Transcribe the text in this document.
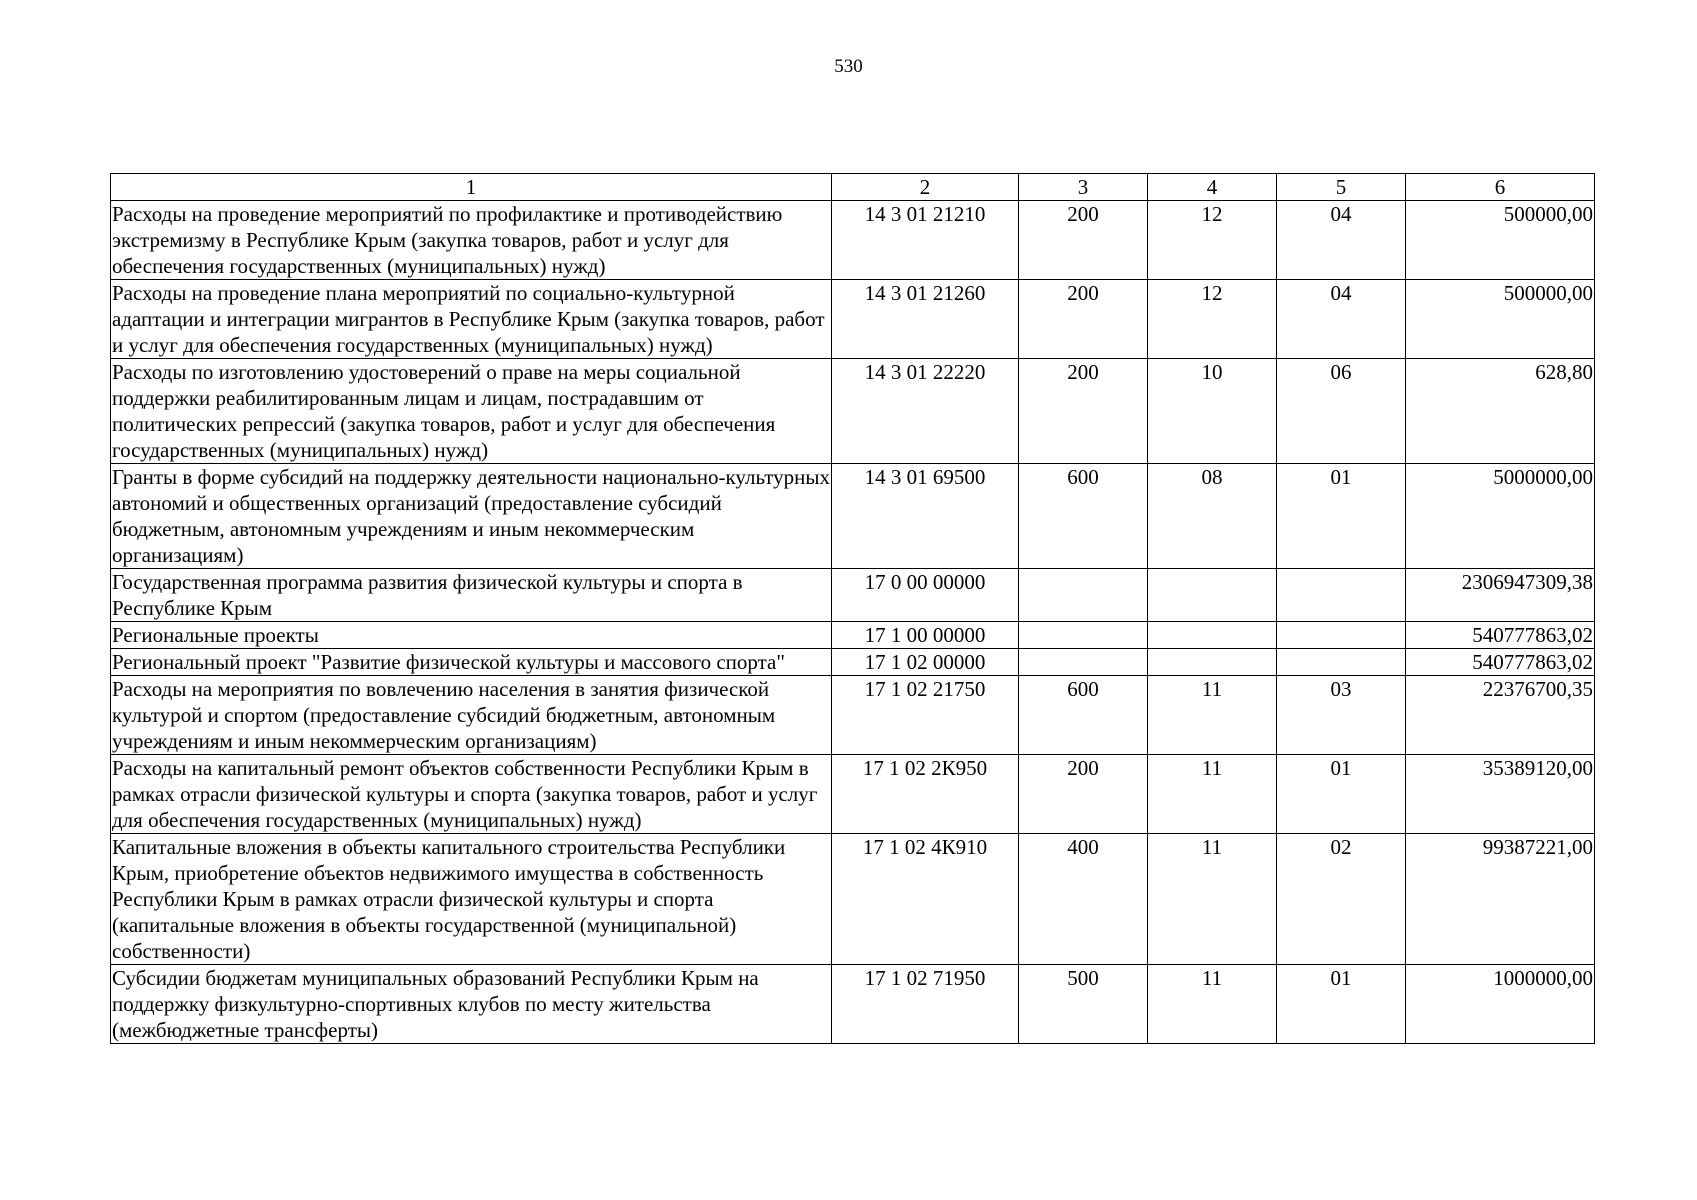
530
1	2	3	4	5	6
Расходы на проведение мероприятий по профилактике и противодействию экстремизму в Республике Крым (закупка товаров, работ и услуг для обеспечения государственных (муниципальных) нужд)	14 3 01 21210	200	12	04	500000,00
Расходы на проведение плана мероприятий по социально-культурной адаптации и интеграции мигрантов в Республике Крым (закупка товаров, работ и услуг для обеспечения государственных (муниципальных) нужд)	14 3 01 21260	200	12	04	500000,00
Расходы по изготовлению удостоверений о праве на меры социальной поддержки реабилитированным лицам и лицам, пострадавшим от политических репрессий (закупка товаров, работ и услуг для обеспечения государственных (муниципальных) нужд)	14 3 01 22220	200	10	06	628,80
Гранты в форме субсидий на поддержку деятельности национально-культурных автономий и общественных организаций (предоставление субсидий бюджетным, автономным учреждениям и иным некоммерческим организациям)	14 3 01 69500	600	08	01	5000000,00
Государственная программа развития физической культуры и спорта в Республике Крым	17 0 00 00000				2306947309,38
Региональные проекты	17 1 00 00000				540777863,02
Региональный проект "Развитие физической культуры и массового спорта"	17 1 02 00000				540777863,02
Расходы на мероприятия по вовлечению населения в занятия физической культурой и спортом (предоставление субсидий бюджетным, автономным учреждениям и иным некоммерческим организациям)	17 1 02 21750	600	11	03	22376700,35
Расходы на капитальный ремонт объектов собственности Республики Крым в рамках отрасли физической культуры и спорта (закупка товаров, работ и услуг для обеспечения государственных (муниципальных) нужд)	17 1 02 2К950	200	11	01	35389120,00
Капитальные вложения в объекты капитального строительства Республики Крым, приобретение объектов недвижимого имущества в собственность Республики Крым в рамках отрасли физической культуры и спорта (капитальные вложения в объекты государственной (муниципальной) собственности)	17 1 02 4К910	400	11	02	99387221,00
Субсидии бюджетам муниципальных образований Республики Крым на поддержку физкультурно-спортивных клубов по месту жительства (межбюджетные трансферты)	17 1 02 71950	500	11	01	1000000,00
